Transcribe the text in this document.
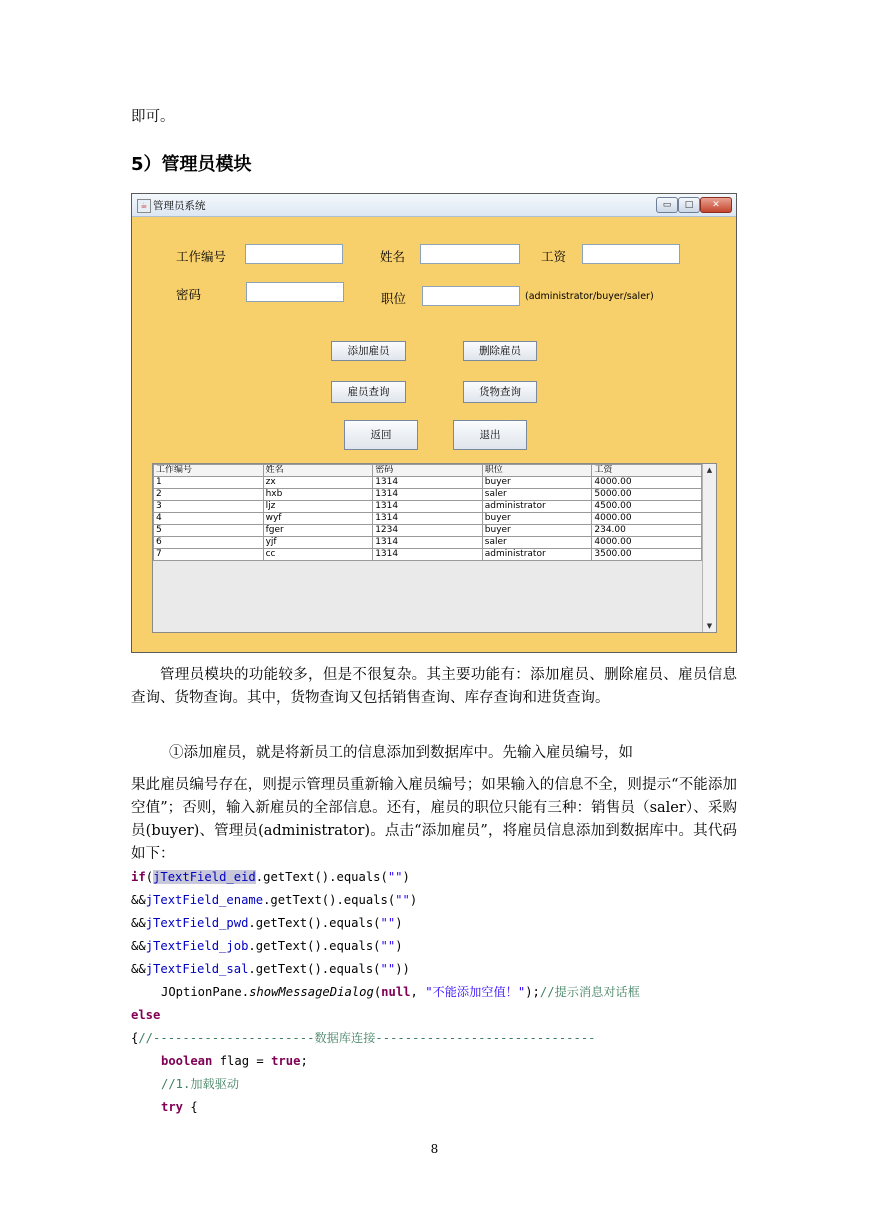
即可。
5）管理员模块
☕ 管理员系统	▭	□	✕
工作编号	姓名	工资
密码	职位	(administrator/buyer/saler)
添加雇员	删除雇员
雇员查询	货物查询
返回	退出
工作编号	姓名	密码	职位	工资
1	zx	1314	buyer	4000.00
2	hxb	1314	saler	5000.00
3	ljz	1314	administrator	4500.00
4	wyf	1314	buyer	4000.00
5	fger	1234	buyer	234.00
6	yjf	1314	saler	4000.00
7	cc	1314	administrator	3500.00
▲
▼
管理员模块的功能较多，但是不很复杂。其主要功能有：添加雇员、删除雇员、雇员信息查询、货物查询。其中，货物查询又包括销售查询、库存查询和进货查询。
①添加雇员，就是将新员工的信息添加到数据库中。先输入雇员编号，如
果此雇员编号存在，则提示管理员重新输入雇员编号；如果输入的信息不全，则提示“不能添加空值”；否则，输入新雇员的全部信息。还有，雇员的职位只能有三种：销售员（saler）、采购员(buyer)、管理员(administrator)。点击“添加雇员”，将雇员信息添加到数据库中。其代码如下：
if(jTextField_eid.getText().equals("")
&&jTextField_ename.getText().equals("")
&&jTextField_pwd.getText().equals("")
&&jTextField_job.getText().equals("")
&&jTextField_sal.getText().equals(""))
JOptionPane.showMessageDialog(null, "不能添加空值！");//提示消息对话框
else
{//----------------------数据库连接------------------------------
boolean flag = true;
//1.加载驱动
try {
8
